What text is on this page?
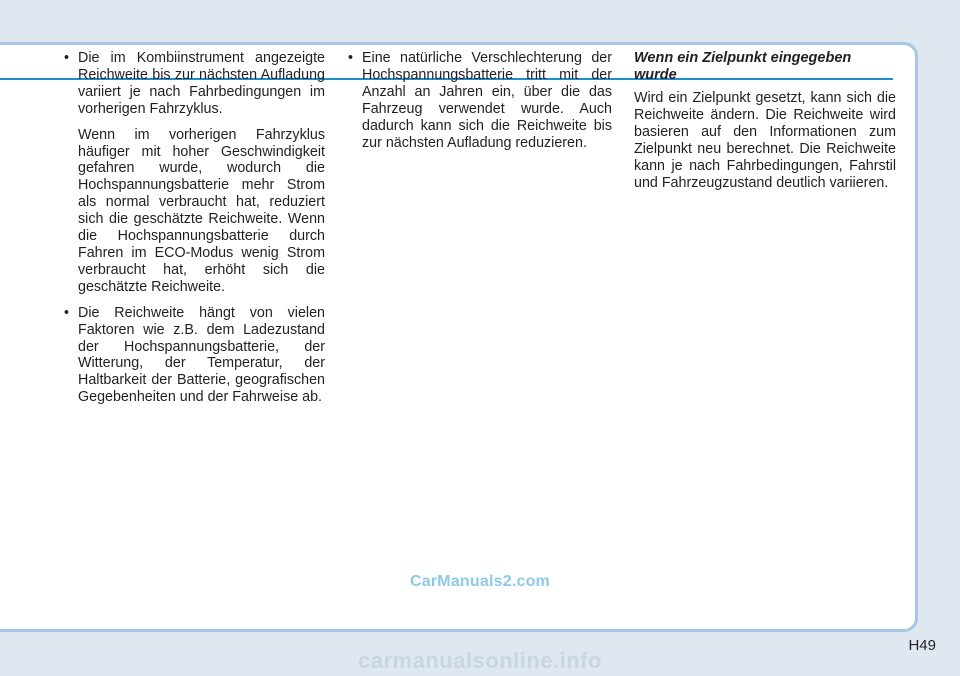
• Die im Kombiinstrument angezeigte Reichweite bis zur nächsten Aufladung variiert je nach Fahrbedingungen im vorherigen Fahrzyklus.

Wenn im vorherigen Fahrzyklus häufiger mit hoher Geschwindigkeit gefahren wurde, wodurch die Hochspannungsbatterie mehr Strom als normal verbraucht hat, reduziert sich die geschätzte Reichweite. Wenn die Hochspannungsbatterie durch Fahren im ECO-Modus wenig Strom verbraucht hat, erhöht sich die geschätzte Reichweite.

• Die Reichweite hängt von vielen Faktoren wie z.B. dem Ladezustand der Hochspannungsbatterie, der Witterung, der Temperatur, der Haltbarkeit der Batterie, geografischen Gegebenheiten und der Fahrweise ab.

• Eine natürliche Verschlechterung der Hochspannungsbatterie tritt mit der Anzahl an Jahren ein, über die das Fahrzeug verwendet wurde. Auch dadurch kann sich die Reichweite bis zur nächsten Aufladung reduzieren.

Wenn ein Zielpunkt eingegeben wurde

Wird ein Zielpunkt gesetzt, kann sich die Reichweite ändern. Die Reichweite wird basieren auf den Informationen zum Zielpunkt neu berechnet. Die Reichweite kann je nach Fahrbedingungen, Fahrstil und Fahrzeugzustand deutlich variieren.

CarManuals2.com
H49
carmanualsonline.info
